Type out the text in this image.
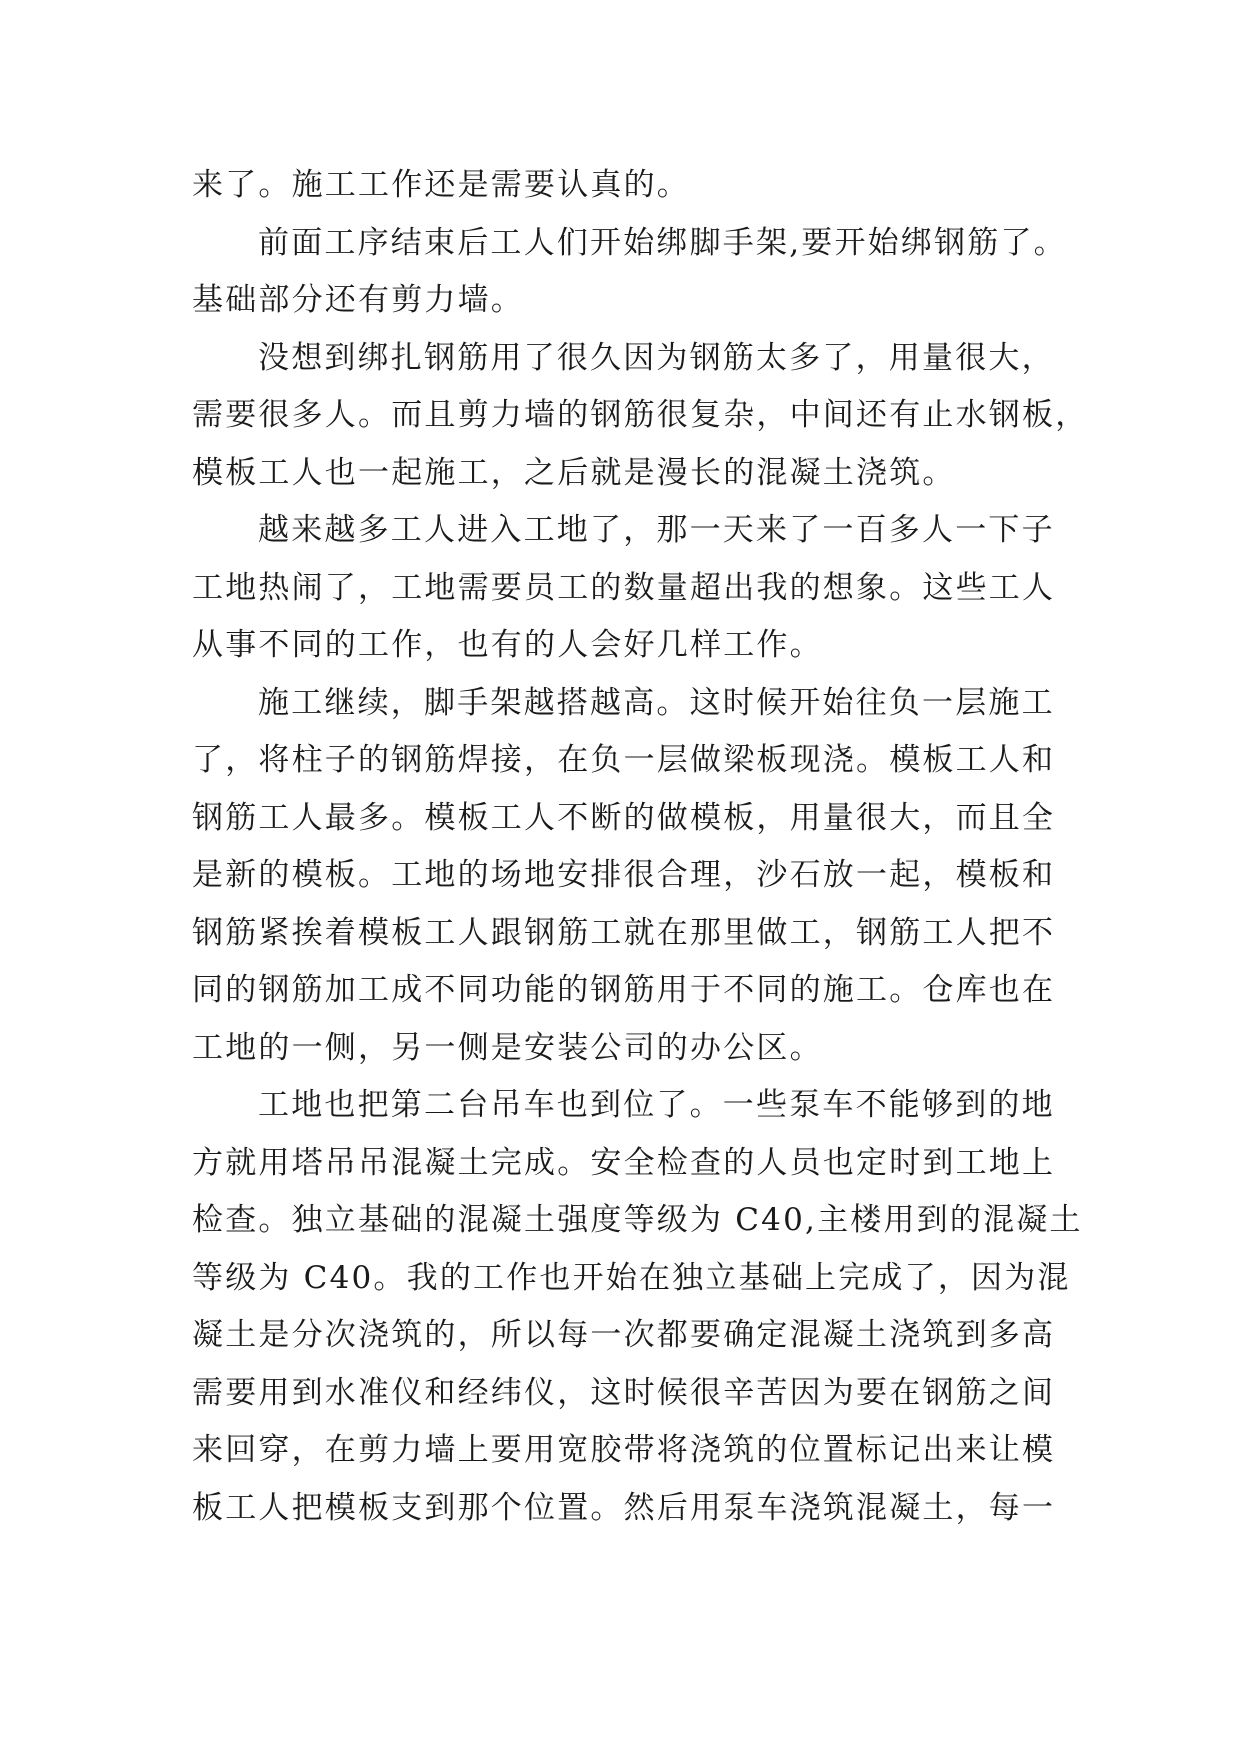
来了。施工工作还是需要认真的。
前面工序结束后工人们开始绑脚手架,要开始绑钢筋了。
基础部分还有剪力墙。
没想到绑扎钢筋用了很久因为钢筋太多了，用量很大，
需要很多人。而且剪力墙的钢筋很复杂，中间还有止水钢板，
模板工人也一起施工，之后就是漫长的混凝土浇筑。
越来越多工人进入工地了，那一天来了一百多人一下子
工地热闹了，工地需要员工的数量超出我的想象。这些工人
从事不同的工作，也有的人会好几样工作。
施工继续，脚手架越搭越高。这时候开始往负一层施工
了，将柱子的钢筋焊接，在负一层做梁板现浇。模板工人和
钢筋工人最多。模板工人不断的做模板，用量很大，而且全
是新的模板。工地的场地安排很合理，沙石放一起，模板和
钢筋紧挨着模板工人跟钢筋工就在那里做工，钢筋工人把不
同的钢筋加工成不同功能的钢筋用于不同的施工。仓库也在
工地的一侧，另一侧是安装公司的办公区。
工地也把第二台吊车也到位了。一些泵车不能够到的地
方就用塔吊吊混凝土完成。安全检查的人员也定时到工地上
检查。独立基础的混凝土强度等级为 C40,主楼用到的混凝土
等级为 C40。我的工作也开始在独立基础上完成了，因为混
凝土是分次浇筑的，所以每一次都要确定混凝土浇筑到多高
需要用到水准仪和经纬仪，这时候很辛苦因为要在钢筋之间
来回穿，在剪力墙上要用宽胶带将浇筑的位置标记出来让模
板工人把模板支到那个位置。然后用泵车浇筑混凝土，每一
